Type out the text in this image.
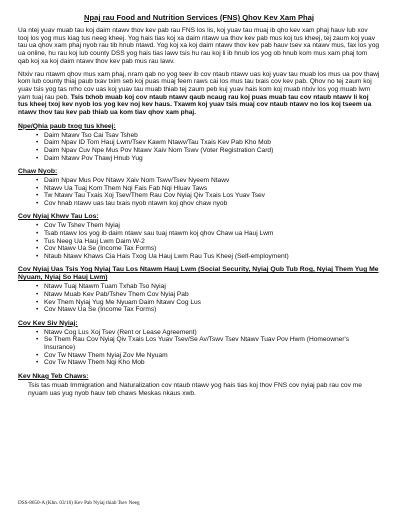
Npaj rau Food and Nutrition Services (FNS) Qhov Kev Xam Phaj

Ua ntej yuav muab tau koj daim ntawv thov kev pab rau FNS los lis, koj yuav tau muaj ib qho kev xam phaj hauv lub xov tooj los yog mus kiag tus neeg kheej. Yog hais tias koj xa daim ntawv ua thov kev pab mus koj tus kheej, tej zaum koj yuav tau ua qhov xam phaj nyob rau tib hnub ntawd. Yog koj xa koj daim ntawv thov kev pab hauv tsev xa ntawv mus, fax los yog ua online, hu rau koj lub county DSS yog hais tias lawv tsis hu rau koj li ib hnub los yog ob hnub kom mus xam phaj tom qab koj xa koj daim ntawv thov kev pab mus rau lawv.

Ntxiv rau ntawm qhov mus xam phaj, nram qab no yog teev ib cov ntaub ntawv uas koj yuav tau muab los mus ua pov thawj kom lub county thiaj paub txav txim seb koj puas muaj feem raws cai los mus tau txais cov kev pab. Qhov no tej zaum koj yuav tsis yog tas nrho cov uas koj yuav tau muab thiab tej zaum peb kuj yuav hais kom koj muab ntxiv los yog muab lwm yam tuaj rau peb. Tsis txhob muab koj cov ntaub ntawv qaub ncaug rau koj puas muab tau cov ntaub ntawv li koj tus kheej txoj kev nyob los yog kev noj kev haus. Txawm koj yuav tsis muaj cov ntaub ntawv no los koj tseem ua ntawv thov tau kev pab thiab ua kom tiav qhov xam phaj.

Npe/Qhia paub txog tus kheej:
• Daim Ntawv Tso Cai Tsav Tsheb
• Daim Npav ID Tom Hauj Lwm/Tsev Kawm Ntawv/Tau Txais Kev Pab Kho Mob
• Daim Npav Cuv Npe Mus Pov Ntawv Xaiv Nom Tswv (Voter Registration Card)
• Daim Ntawv Pov Thawj Hnub Yug
Chaw Nyob:
• Daim Npav Mus Pov Ntawv Xaiv Nom Tswv/Tsev Nyeem Ntawv
• Ntawv Ua Tuaj Kom Them Nqi Fais Fab Nqi Hluav Taws
• Tw Ntawv Tau Txais Xoj Tsev/Them Rau Cov Nyiaj Qiv Txais Los Yuav Tsev
• Cov hnab ntawv uas tau txais nyob ntawm koj qhov chaw nyob
Cov Nyiaj Khwv Tau Los:
• Cov Tw Tshev Them Nyiaj
• Tsab ntawv los yog ib daim ntawv sau tuaj ntawm koj qhov Chaw ua Hauj Lwm
• Tus Neeg Ua Hauj Lwm Daim W-2
• Cov Ntawv Ua Se (Income Tax Forms)
• Ntaub Ntawv Khaws Cia Hais Txog Ua Hauj Lwm Rau Tus Kheej (Self-employment)
Cov Nyiaj Uas Tsis Yog Nyiaj Tau Los Ntawm Hauj Lwm (Social Security, Nyiaj Qub Tub Rog, Nyiaj Them Yug Me Nyuam, Nyiaj So Hauj Lwm)
• Ntawv Tuaj Ntawm Tuam Txhab Tso Nyiaj
• Ntawv Muab Kev Pab/Tshev Them Cov Nyiaj Pab
• Kev Them Nyiaj Yug Me Nyuam Daim Ntawv Cog Lus
• Cov Ntawv Ua Se (Income Tax Forms)
Cov Kev Siv Nyiaj:
• Ntawv Cog Lus Xoj Tsev (Rent or Lease Agreement)
• Se Them Rau Cov Nyiaj Qiv Txais Los Yuav Tsev/Se Av/Tswv Tsev Ntawv Tuav Pov Hwm (Homeowner's Insurance)
• Cov Tw Ntawv Them Nyiaj Zov Me Nyuam
• Cov Tw Ntawv Them Nqi Kho Mob
Kev Nkag Teb Chaws:

Tsis tas muab Immigration and Naturalization cov ntaub ntawv yog hais tias koj thov FNS cov nyiaj pab rau cov me nyuam uas yug nyob hauv teb chaws Meskas nkaus xwb.

DSS-8650-A (Khn. 03/16) Kev Pab Nyiaj thiab Tsev Neeg
